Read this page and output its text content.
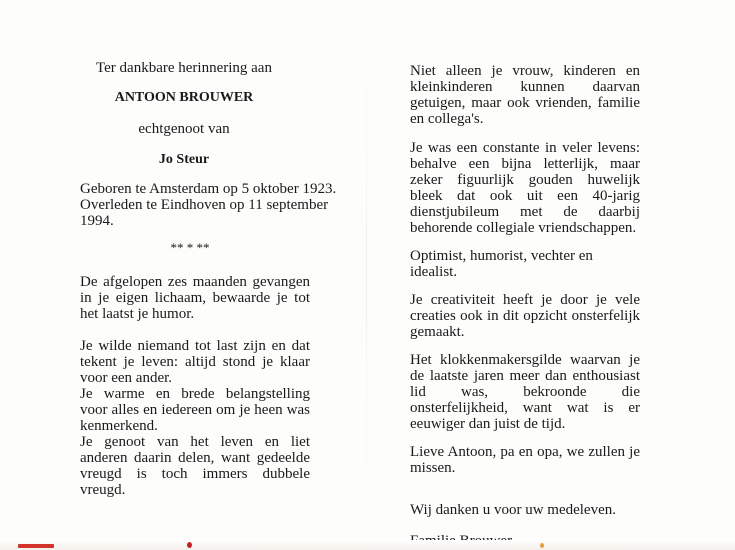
Ter dankbare herinnering aan

ANTOON BROUWER

echtgenoot van

Jo Steur

Geboren te Amsterdam op 5 oktober 1923.

Overleden te Eindhoven op 11 september

1994.

** * **

De afgelopen zes maanden gevangen in je eigen lichaam, bewaarde je tot het laatst je humor.

Je wilde niemand tot last zijn en dat tekent je leven: altijd stond je klaar voor een ander.

Je warme en brede belangstelling voor alles en iedereen om je heen was kenmerkend.

Je genoot van het leven en liet anderen daarin delen, want gedeelde vreugd is toch immers dubbele vreugd.

Niet alleen je vrouw, kinderen en kleinkinderen kunnen daarvan getuigen, maar ook vrienden, familie en collega's.

Je was een constante in veler levens: behalve een bijna letterlijk, maar zeker figuurlijk gouden huwelijk bleek dat ook uit een 40-jarig dienstjubileum met de daarbij behorende collegiale vriendschappen.

Optimist, humorist, vechter en idealist.

Je creativiteit heeft je door je vele creaties ook in dit opzicht onsterfelijk gemaakt.

Het klokkenmakersgilde waarvan je de laatste jaren meer dan enthousiast lid was, bekroonde die onsterfelijkheid, want wat is er eeuwiger dan juist de tijd.

Lieve Antoon, pa en opa, we zullen je missen.

Wij danken u voor uw medeleven.
